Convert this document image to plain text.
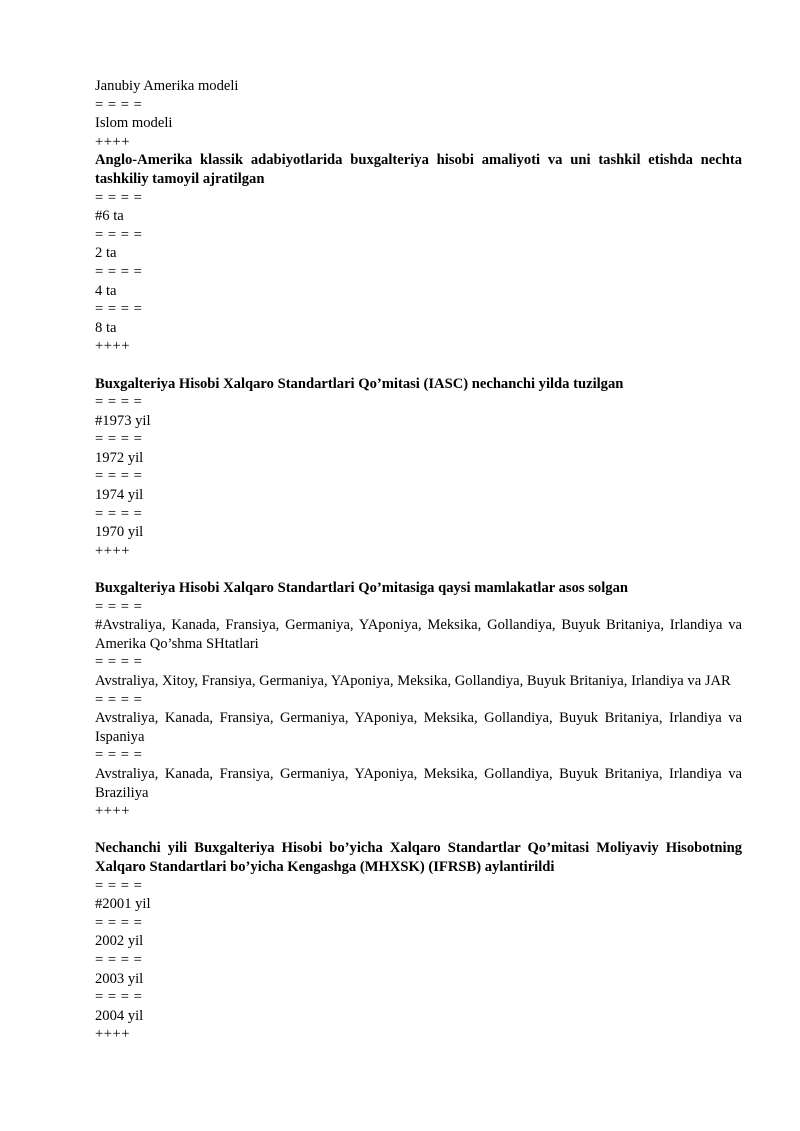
Janubiy Amerika modeli
= = = =
Islom modeli
++++
Anglo-Amerika klassik adabiyotlarida buxgalteriya hisobi amaliyoti va uni tashkil etishda nechta tashkiliy tamoyil ajratilgan
= = = =
#6 ta
= = = =
2 ta
= = = =
4 ta
= = = =
8 ta
++++
Buxgalteriya Hisobi Xalqaro Standartlari Qo’mitasi (IASC) nechanchi yilda tuzilgan
= = = =
#1973 yil
= = = =
1972 yil
= = = =
1974 yil
= = = =
1970 yil
++++
Buxgalteriya Hisobi Xalqaro Standartlari Qo’mitasiga qaysi mamlakatlar asos solgan
= = = =
#Avstraliya, Kanada, Fransiya, Germaniya, YAponiya, Meksika, Gollandiya, Buyuk Britaniya, Irlandiya va Amerika Qo’shma SHtatlari
= = = =
Avstraliya, Xitoy, Fransiya, Germaniya, YAponiya, Meksika, Gollandiya, Buyuk Britaniya, Irlandiya va JAR
= = = =
Avstraliya, Kanada, Fransiya, Germaniya, YAponiya, Meksika, Gollandiya, Buyuk Britaniya, Irlandiya va Ispaniya
= = = =
Avstraliya, Kanada, Fransiya, Germaniya, YAponiya, Meksika, Gollandiya, Buyuk Britaniya, Irlandiya va Braziliya
++++
Nechanchi yili Buxgalteriya Hisobi bo’yicha Xalqaro Standartlar Qo’mitasi Moliyaviy Hisobotning Xalqaro Standartlari bo’yicha Kengashga (MHXSK) (IFRSB) aylantirildi
= = = =
#2001 yil
= = = =
2002 yil
= = = =
2003 yil
= = = =
2004 yil
++++
